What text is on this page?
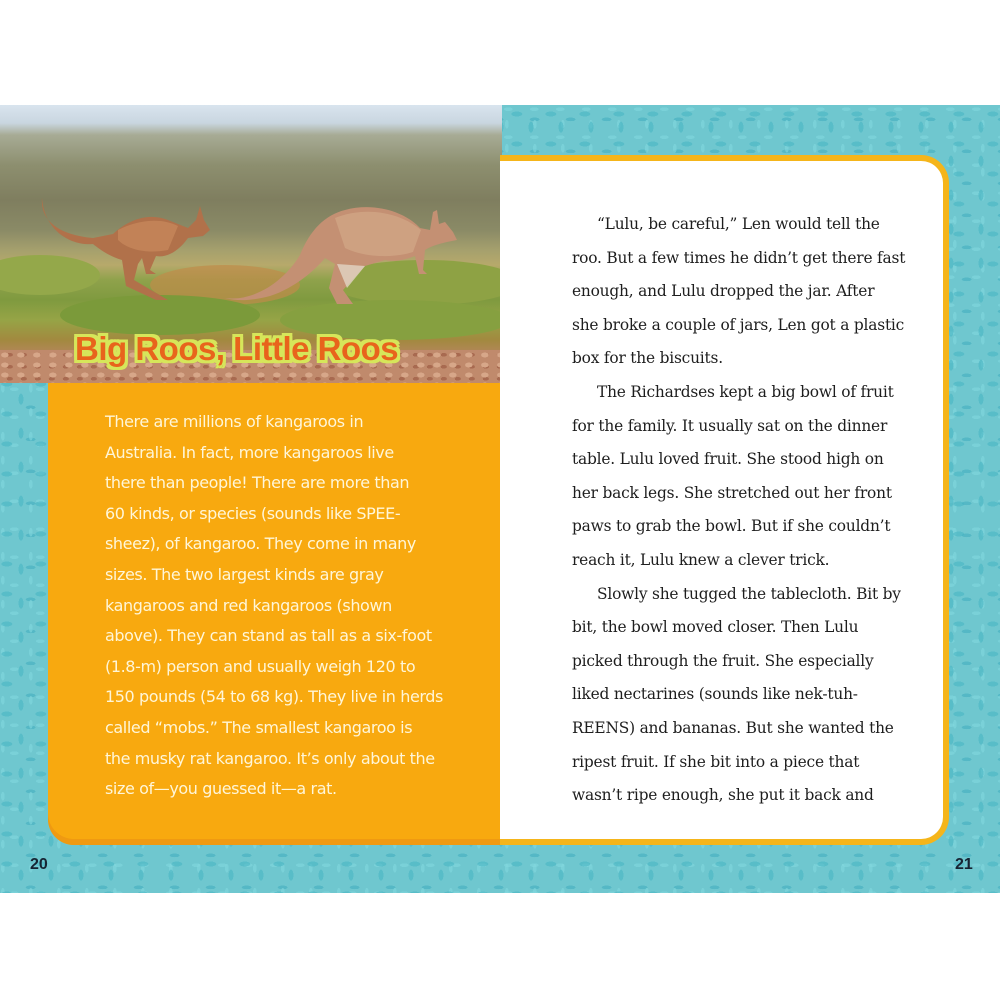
Big Roos, Little Roos

There are millions of kangaroos in

Australia. In fact, more kangaroos live

there than people! There are more than

60 kinds, or species (sounds like SPEE-

sheez), of kangaroo. They come in many

sizes. The two largest kinds are gray

kangaroos and red kangaroos (shown

above). They can stand as tall as a six-foot

(1.8-m) person and usually weigh 120 to

150 pounds (54 to 68 kg). They live in herds

called “mobs.” The smallest kangaroo is

the musky rat kangaroo. It’s only about the

size of—you guessed it—a rat.

20

“Lulu, be careful,” Len would tell the

roo. But a few times he didn’t get there fast

enough, and Lulu dropped the jar. After

she broke a couple of jars, Len got a plastic

box for the biscuits.

The Richardses kept a big bowl of fruit

for the family. It usually sat on the dinner

table. Lulu loved fruit. She stood high on

her back legs. She stretched out her front

paws to grab the bowl. But if she couldn’t

reach it, Lulu knew a clever trick.

Slowly she tugged the tablecloth. Bit by

bit, the bowl moved closer. Then Lulu

picked through the fruit. She especially

liked nectarines (sounds like nek-tuh-

REENS) and bananas. But she wanted the

ripest fruit. If she bit into a piece that

wasn’t ripe enough, she put it back and

21
